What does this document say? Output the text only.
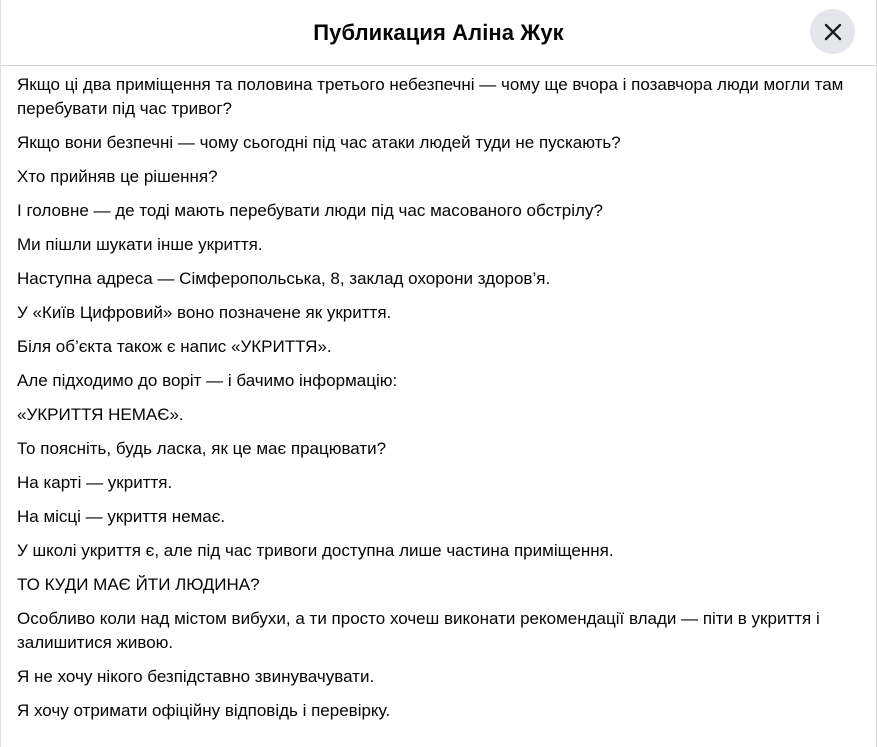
Публикация Аліна Жук

Якщо ці два приміщення та половина третього небезпечні — чому ще вчора і позавчора люди могли там перебувати під час тривог?

Якщо вони безпечні — чому сьогодні під час атаки людей туди не пускають?

Хто прийняв це рішення?

І головне — де тоді мають перебувати люди під час масованого обстрілу?

Ми пішли шукати інше укриття.

Наступна адреса — Сімферопольська, 8, заклад охорони здоров’я.

У «Київ Цифровий» воно позначене як укриття.

Біля об’єкта також є напис «УКРИТТЯ».

Але підходимо до воріт — і бачимо інформацію:

«УКРИТТЯ НЕМАЄ».

То поясніть, будь ласка, як це має працювати?

На карті — укриття.

На місці — укриття немає.

У школі укриття є, але під час тривоги доступна лише частина приміщення.

ТО КУДИ МАЄ ЙТИ ЛЮДИНА?

Особливо коли над містом вибухи, а ти просто хочеш виконати рекомендації влади — піти в укриття і залишитися живою.

Я не хочу нікого безпідставно звинувачувати.

Я хочу отримати офіційну відповідь і перевірку.
